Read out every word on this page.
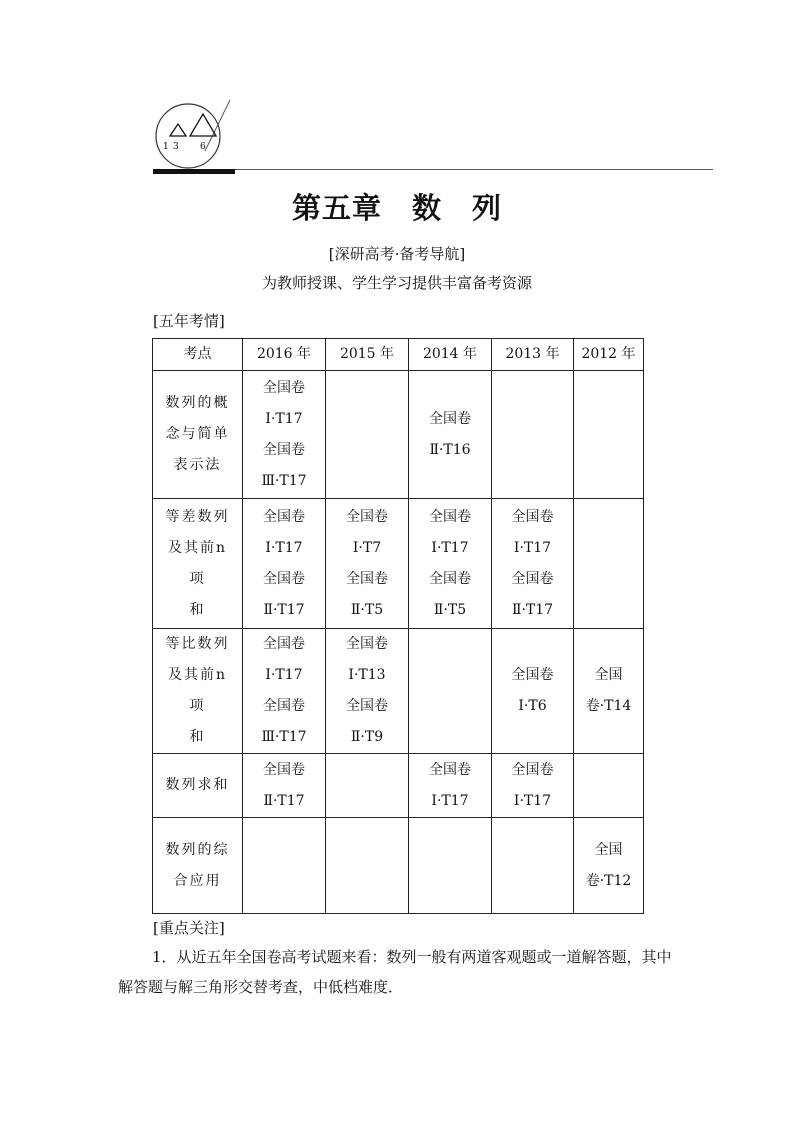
1 3 6
第五章　数　列
[深研高考·备考导航]
为教师授课、学生学习提供丰富备考资源
[五年考情]
考点	2016 年	2015 年	2014 年	2013 年	2012 年

数列的概
念与简单
表示法	全国卷
Ⅰ·T17
全国卷
Ⅲ·T17		全国卷
Ⅱ·T16		

等差数列
及其前n项
和	全国卷
Ⅰ·T17
全国卷
Ⅱ·T17	全国卷
Ⅰ·T7
全国卷
Ⅱ·T5	全国卷
Ⅰ·T17
全国卷
Ⅱ·T5	全国卷
Ⅰ·T17
全国卷
Ⅱ·T17	

等比数列
及其前n项
和	全国卷
Ⅰ·T17
全国卷
Ⅲ·T17	全国卷
Ⅰ·T13
全国卷
Ⅱ·T9		全国卷
Ⅰ·T6	全国
卷·T14

数列求和	全国卷
Ⅱ·T17		全国卷
Ⅰ·T17	全国卷
Ⅰ·T17	

数列的综
合应用					全国
卷·T12
[重点关注]
1．从近五年全国卷高考试题来看：数列一般有两道客观题或一道解答题，其中解答题与解三角形交替考查，中低档难度．
